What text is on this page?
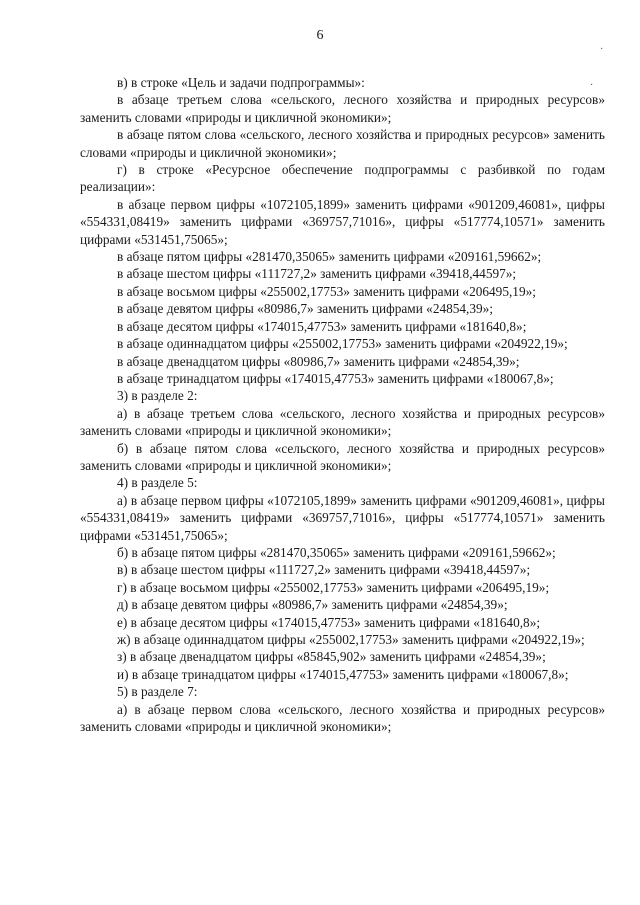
6

в) в строке «Цель и задачи подпрограммы»:

в абзаце третьем слова «сельского, лесного хозяйства и природных ресурсов» заменить словами «природы и цикличной экономики»;

в абзаце пятом слова «сельского, лесного хозяйства и природных ресурсов» заменить словами «природы и цикличной экономики»;

г) в строке «Ресурсное обеспечение подпрограммы с разбивкой по годам реализации»:

в абзаце первом цифры «1072105,1899» заменить цифрами «901209,46081», цифры «554331,08419» заменить цифрами «369757,71016», цифры «517774,10571» заменить цифрами «531451,75065»;

в абзаце пятом цифры «281470,35065» заменить цифрами «209161,59662»;

в абзаце шестом цифры «111727,2» заменить цифрами «39418,44597»;

в абзаце восьмом цифры «255002,17753» заменить цифрами «206495,19»;

в абзаце девятом цифры «80986,7» заменить цифрами «24854,39»;

в абзаце десятом цифры «174015,47753» заменить цифрами «181640,8»;

в абзаце одиннадцатом цифры «255002,17753» заменить цифрами «204922,19»;

в абзаце двенадцатом цифры «80986,7» заменить цифрами «24854,39»;

в абзаце тринадцатом цифры «174015,47753» заменить цифрами «180067,8»;

3) в разделе 2:

а) в абзаце третьем слова «сельского, лесного хозяйства и природных ресурсов» заменить словами «природы и цикличной экономики»;

б) в абзаце пятом слова «сельского, лесного хозяйства и природных ресурсов» заменить словами «природы и цикличной экономики»;

4) в разделе 5:

а) в абзаце первом цифры «1072105,1899» заменить цифрами «901209,46081», цифры «554331,08419» заменить цифрами «369757,71016», цифры «517774,10571» заменить цифрами «531451,75065»;

б) в абзаце пятом цифры «281470,35065» заменить цифрами «209161,59662»;

в) в абзаце шестом цифры «111727,2» заменить цифрами «39418,44597»;

г) в абзаце восьмом цифры «255002,17753» заменить цифрами «206495,19»;

д) в абзаце девятом цифры «80986,7» заменить цифрами «24854,39»;

е) в абзаце десятом цифры «174015,47753» заменить цифрами «181640,8»;

ж) в абзаце одиннадцатом цифры «255002,17753» заменить цифрами «204922,19»;

з) в абзаце двенадцатом цифры «85845,902» заменить цифрами «24854,39»;

и) в абзаце тринадцатом цифры «174015,47753» заменить цифрами «180067,8»;

5) в разделе 7:

а) в абзаце первом слова «сельского, лесного хозяйства и природных ресурсов» заменить словами «природы и цикличной экономики»;

·
·
